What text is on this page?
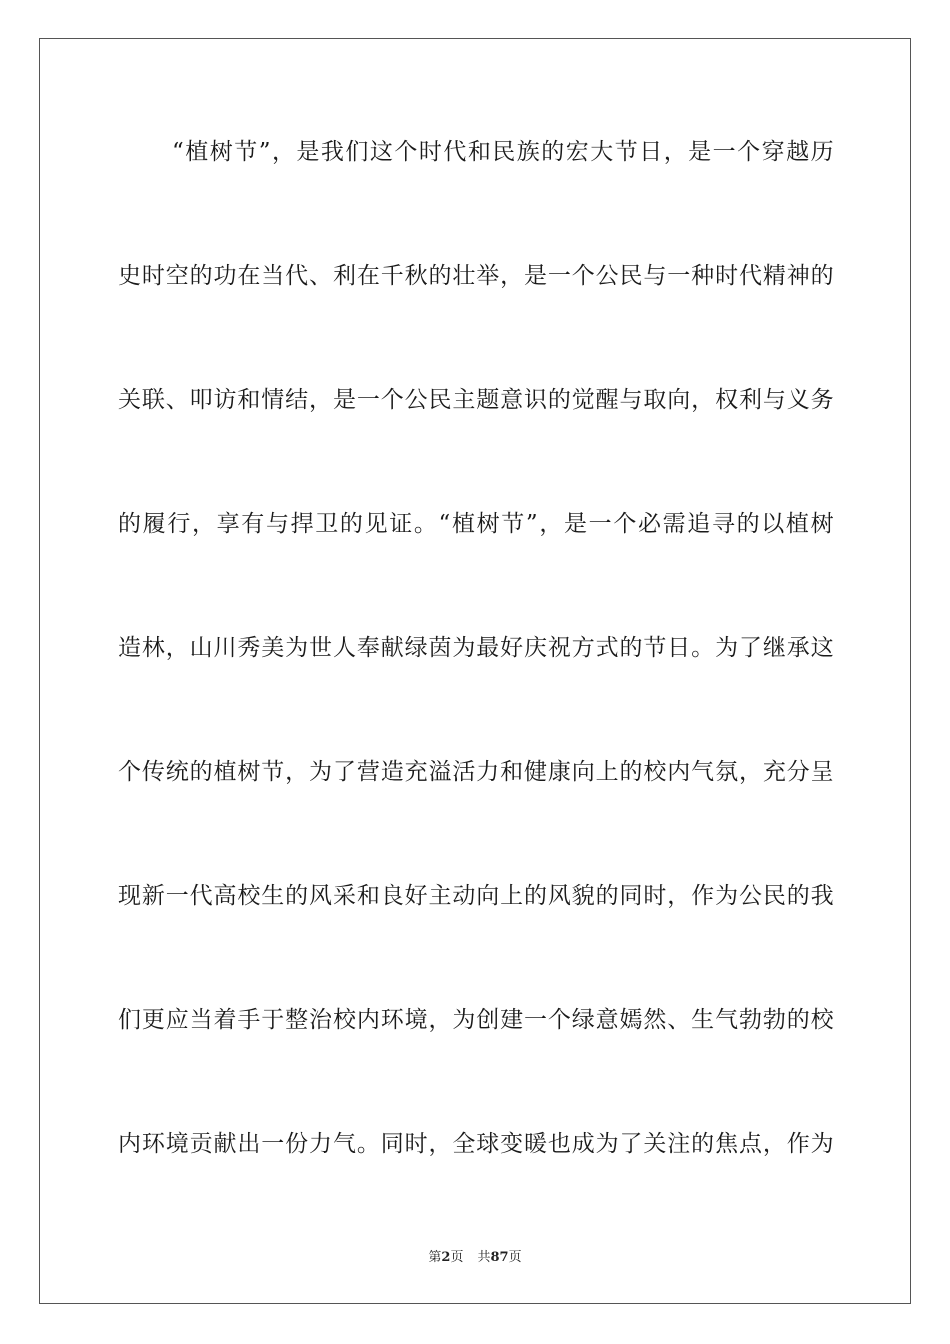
“植树节”，是我们这个时代和民族的宏大节日，是一个穿越历
史时空的功在当代、利在千秋的壮举，是一个公民与一种时代精神的
关联、叩访和情结，是一个公民主题意识的觉醒与取向，权利与义务
的履行，享有与捍卫的见证。“植树节”，是一个必需追寻的以植树
造林，山川秀美为世人奉献绿茵为最好庆祝方式的节日。为了继承这
个传统的植树节，为了营造充溢活力和健康向上的校内气氛，充分呈
现新一代高校生的风采和良好主动向上的风貌的同时，作为公民的我
们更应当着手于整治校内环境，为创建一个绿意嫣然、生气勃勃的校
内环境贡献出一份力气。同时，全球变暖也成为了关注的焦点，作为
第2页 共87页
